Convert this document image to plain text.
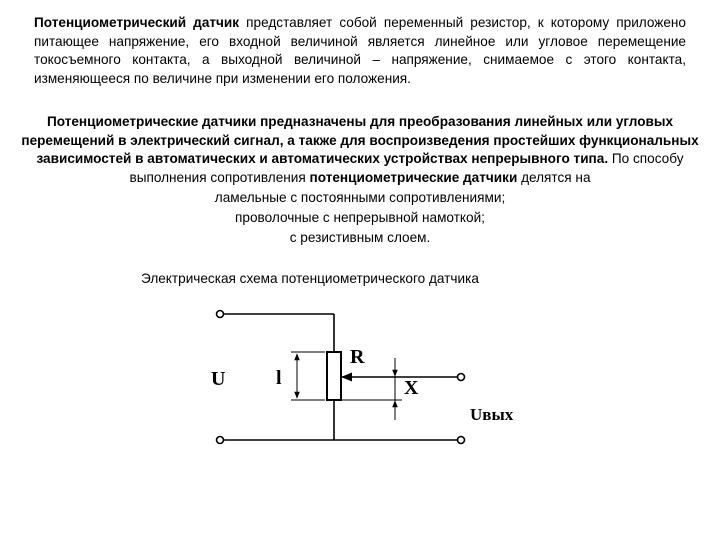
Потенциометрический датчик представляет собой переменный резистор, к которому приложено питающее напряжение, его входной величиной является линейное или угловое перемещение токосъемного контакта, а выходной величиной – напряжение, снимаемое с этого контакта, изменяющееся по величине при изменении его положения.

Потенциометрические датчики предназначены для преобразования линейных или угловых перемещений в электрический сигнал, а также для воспроизведения простейших функциональных зависимостей в автоматических и автоматических устройствах непрерывного типа. По способу выполнения сопротивления потенциометрические датчики делятся на

ламельные с постоянными сопротивлениями;
проволочные с непрерывной намоткой;
с резистивным слоем.

Электрическая схема потенциометрического датчика

U
R
l	X
Uвых
